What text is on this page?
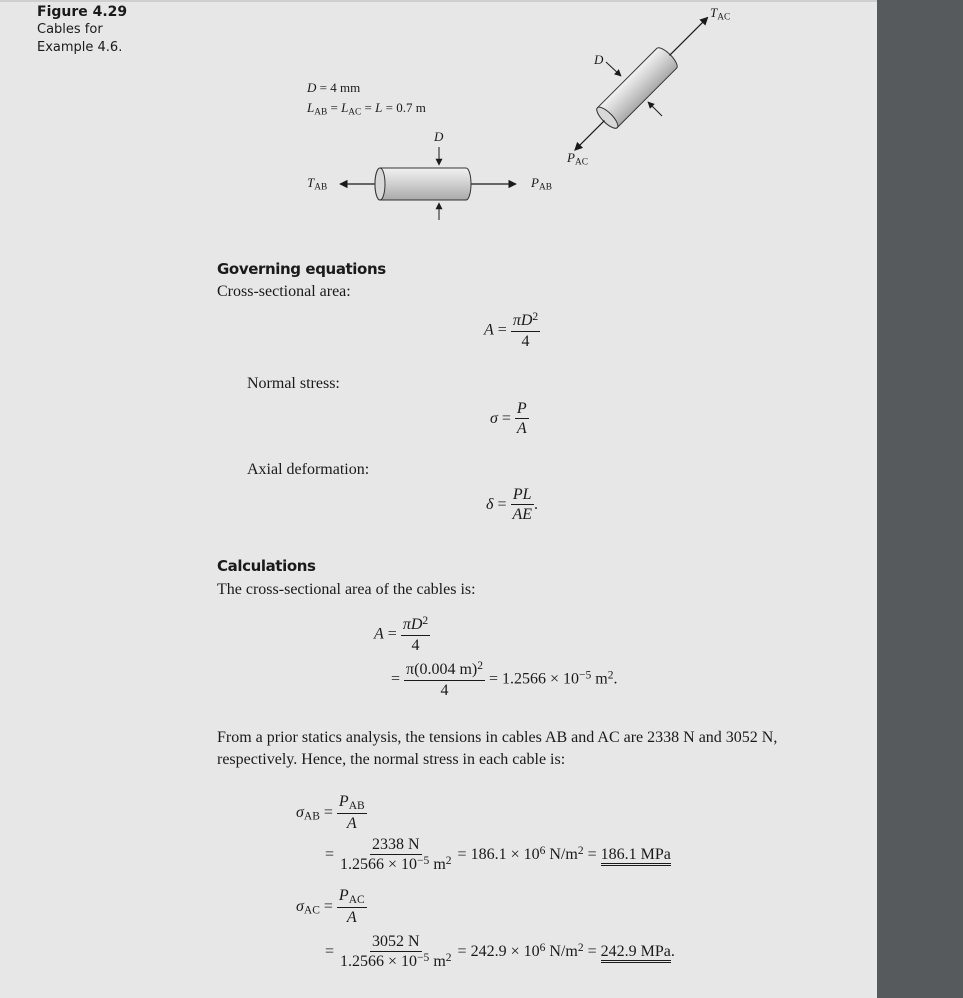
Figure 4.29
Cables for
Example 4.6.
D = 4 mm
$L_{AB} = L_{AC} = L = 0.7$ m
D
$T_{AB}$	$P_{AB}$
$T_{AC}$
D
$P_{AC}$
Governing equations
Cross-sectional area:
$A = \frac{\pi D^2}{4}$
Normal stress:
$\sigma = \frac{P}{A}$
Axial deformation:
$\delta = \frac{PL}{AE}$ .
Calculations
The cross-sectional area of the cables is:
$A = \frac{\pi D^2}{4}$
= $\frac{\pi(0.004 m)^2}{4} = 1.2566 \times 10^{-5}$ $m^2$.
From a prior statics analysis, the tensions in cables AB and AC are 2338 N and 3052 N,
respectively. Hence, the normal stress in each cable is:
$\sigma_{AB} = \frac{P_{AB}}{A}$
= $\frac{2338 N}{1.2566 \times 10^{-5} m^2} = 186.1 \times 10^6$ $N/m^2 = 186.1$ MPa
$\sigma_{AC} = \frac{P_{AC}}{A}$
= $\frac{3052 N}{1.2566 \times 10^{-5} m^2} = 242.9 \times 10^6$ $N/m^2 = 242.9$ MPa.
